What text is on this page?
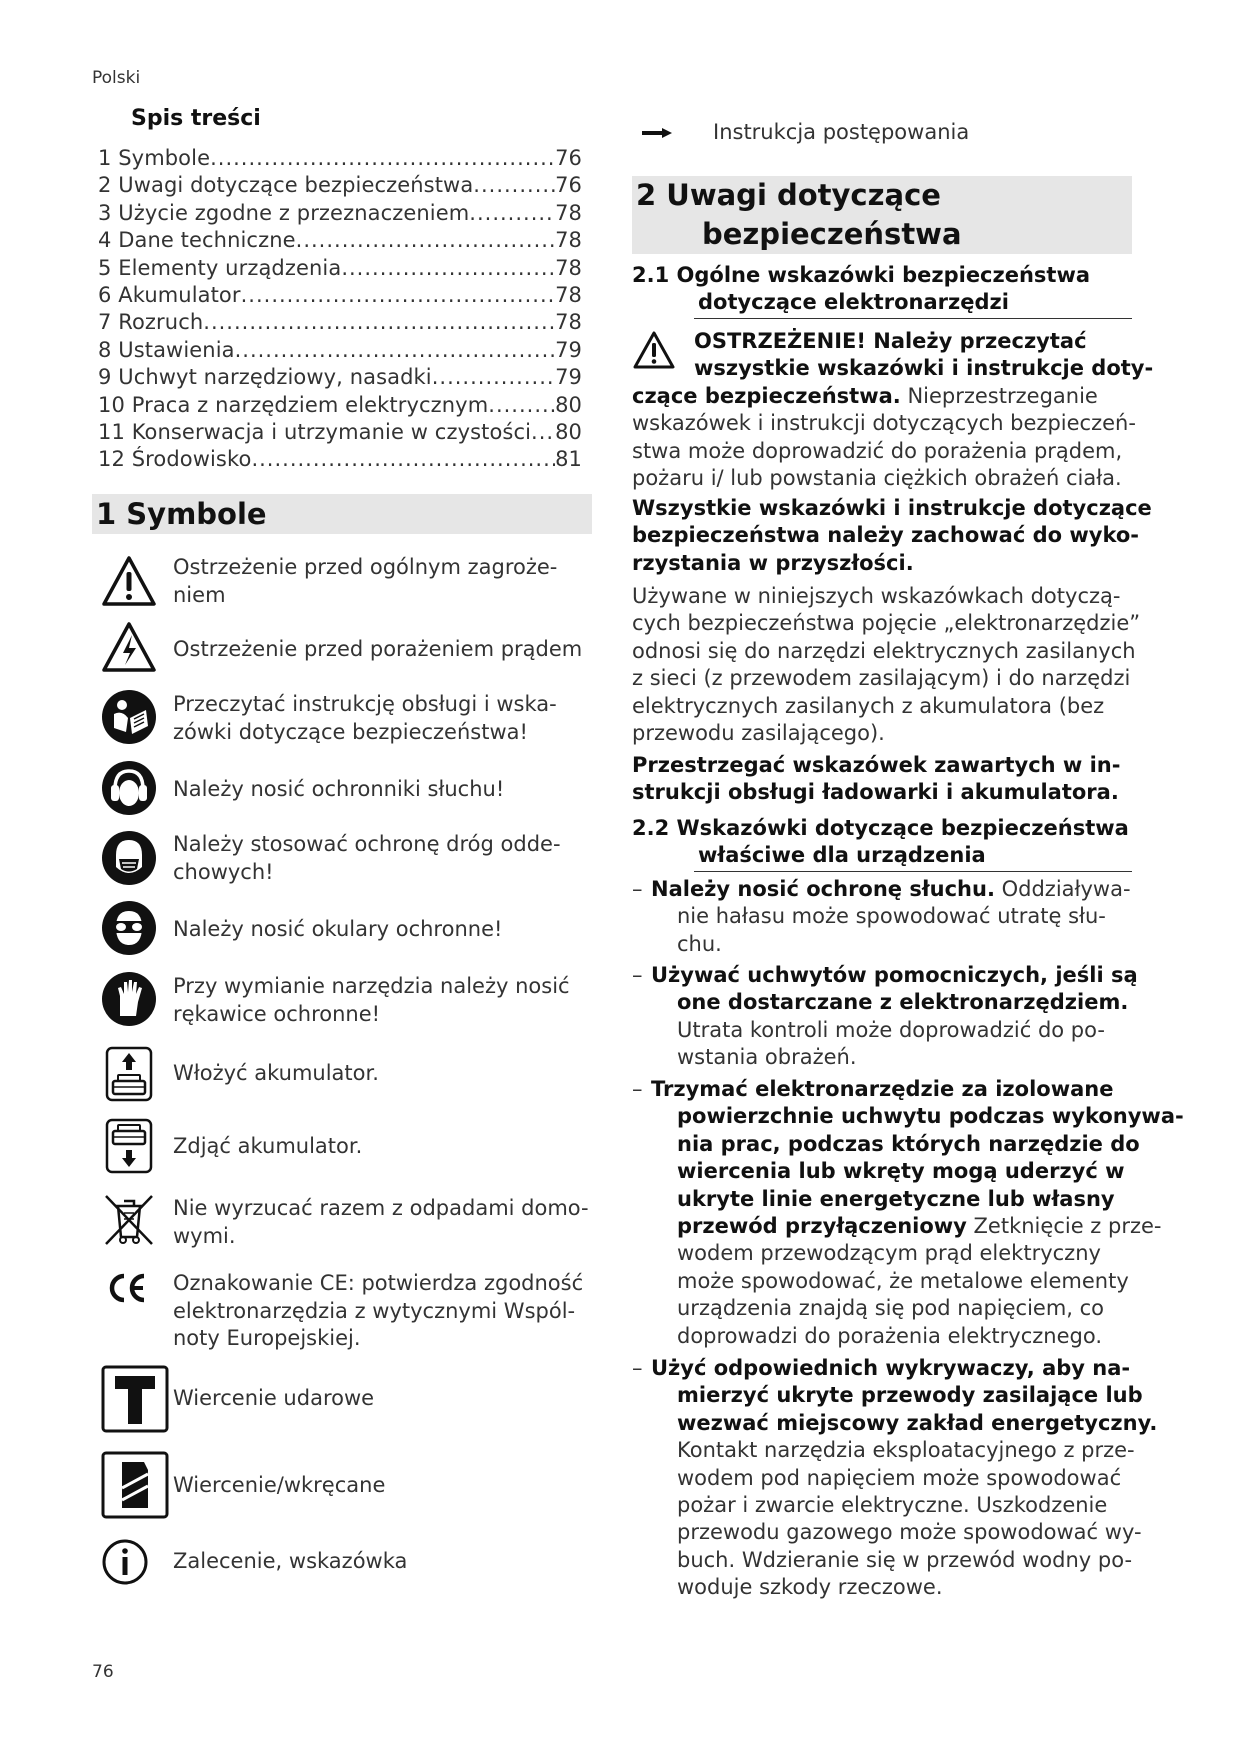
Polski
76
Spis treści
1 Symbole .....	76
2 Uwagi dotyczące bezpieczeństwa .....	76
3 Użycie zgodne z przeznaczeniem .....	78
4 Dane techniczne .....	78
5 Elementy urządzenia .....	78
6 Akumulator .....	78
7 Rozruch .....	78
8 Ustawienia .....	79
9 Uchwyt narzędziowy, nasadki .....	79
10 Praca z narzędziem elektrycznym .....	80
11 Konserwacja i utrzymanie w czystości ..... 80
12 Środowisko .....	81
1 Symbole
Ostrzeżenie przed ogólnym zagroże-
niem
Ostrzeżenie przed porażeniem prądem
Przeczytać instrukcję obsługi i wska-
zówki dotyczące bezpieczeństwa!
Należy nosić ochronniki słuchu!
Należy stosować ochronę dróg odde-
chowych!
Należy nosić okulary ochronne!
Przy wymianie narzędzia należy nosić
rękawice ochronne!
Włożyć akumulator.
Zdjąć akumulator.
Nie wyrzucać razem z odpadami domo-
wymi.
Oznakowanie CE: potwierdza zgodność
elektronarzędzia z wytycznymi Wspól-
noty Europejskiej.
Wiercenie udarowe
Wiercenie/wkręcane
Zalecenie, wskazówka
Instrukcja postępowania
2 Uwagi dotyczące
bezpieczeństwa
2.1 Ogólne wskazówki bezpieczeństwa
dotyczące elektronarzędzi
OSTRZEŻENIE! Należy przeczytać
wszystkie wskazówki i instrukcje doty-
czące bezpieczeństwa. Nieprzestrzeganie
wskazówek i instrukcji dotyczących bezpieczeń-
stwa może doprowadzić do porażenia prądem,
pożaru i/ lub powstania ciężkich obrażeń ciała.
Wszystkie wskazówki i instrukcje dotyczące
bezpieczeństwa należy zachować do wyko-
rzystania w przyszłości.
Używane w niniejszych wskazówkach dotyczą-
cych bezpieczeństwa pojęcie „elektronarzędzie”
odnosi się do narzędzi elektrycznych zasilanych
z sieci (z przewodem zasilającym) i do narzędzi
elektrycznych zasilanych z akumulatora (bez
przewodu zasilającego).
Przestrzegać wskazówek zawartych w in-
strukcji obsługi ładowarki i akumulatora.
2.2 Wskazówki dotyczące bezpieczeństwa
właściwe dla urządzenia
– Należy nosić ochronę słuchu. Oddziaływa-
nie hałasu może spowodować utratę słu-
chu.
– Używać uchwytów pomocniczych, jeśli są
one dostarczane z elektronarzędziem.
Utrata kontroli może doprowadzić do po-
wstania obrażeń.
– Trzymać elektronarzędzie za izolowane
powierzchnie uchwytu podczas wykonywa-
nia prac, podczas których narzędzie do
wiercenia lub wkręty mogą uderzyć w
ukryte linie energetyczne lub własny
przewód przyłączeniowy Zetknięcie z prze-
wodem przewodzącym prąd elektryczny
może spowodować, że metalowe elementy
urządzenia znajdą się pod napięciem, co
doprowadzi do porażenia elektrycznego.
– Użyć odpowiednich wykrywaczy, aby na-
mierzyć ukryte przewody zasilające lub
wezwać miejscowy zakład energetyczny.
Kontakt narzędzia eksploatacyjnego z prze-
wodem pod napięciem może spowodować
pożar i zwarcie elektryczne. Uszkodzenie
przewodu gazowego może spowodować wy-
buch. Wdzieranie się w przewód wodny po-
woduje szkody rzeczowe.
